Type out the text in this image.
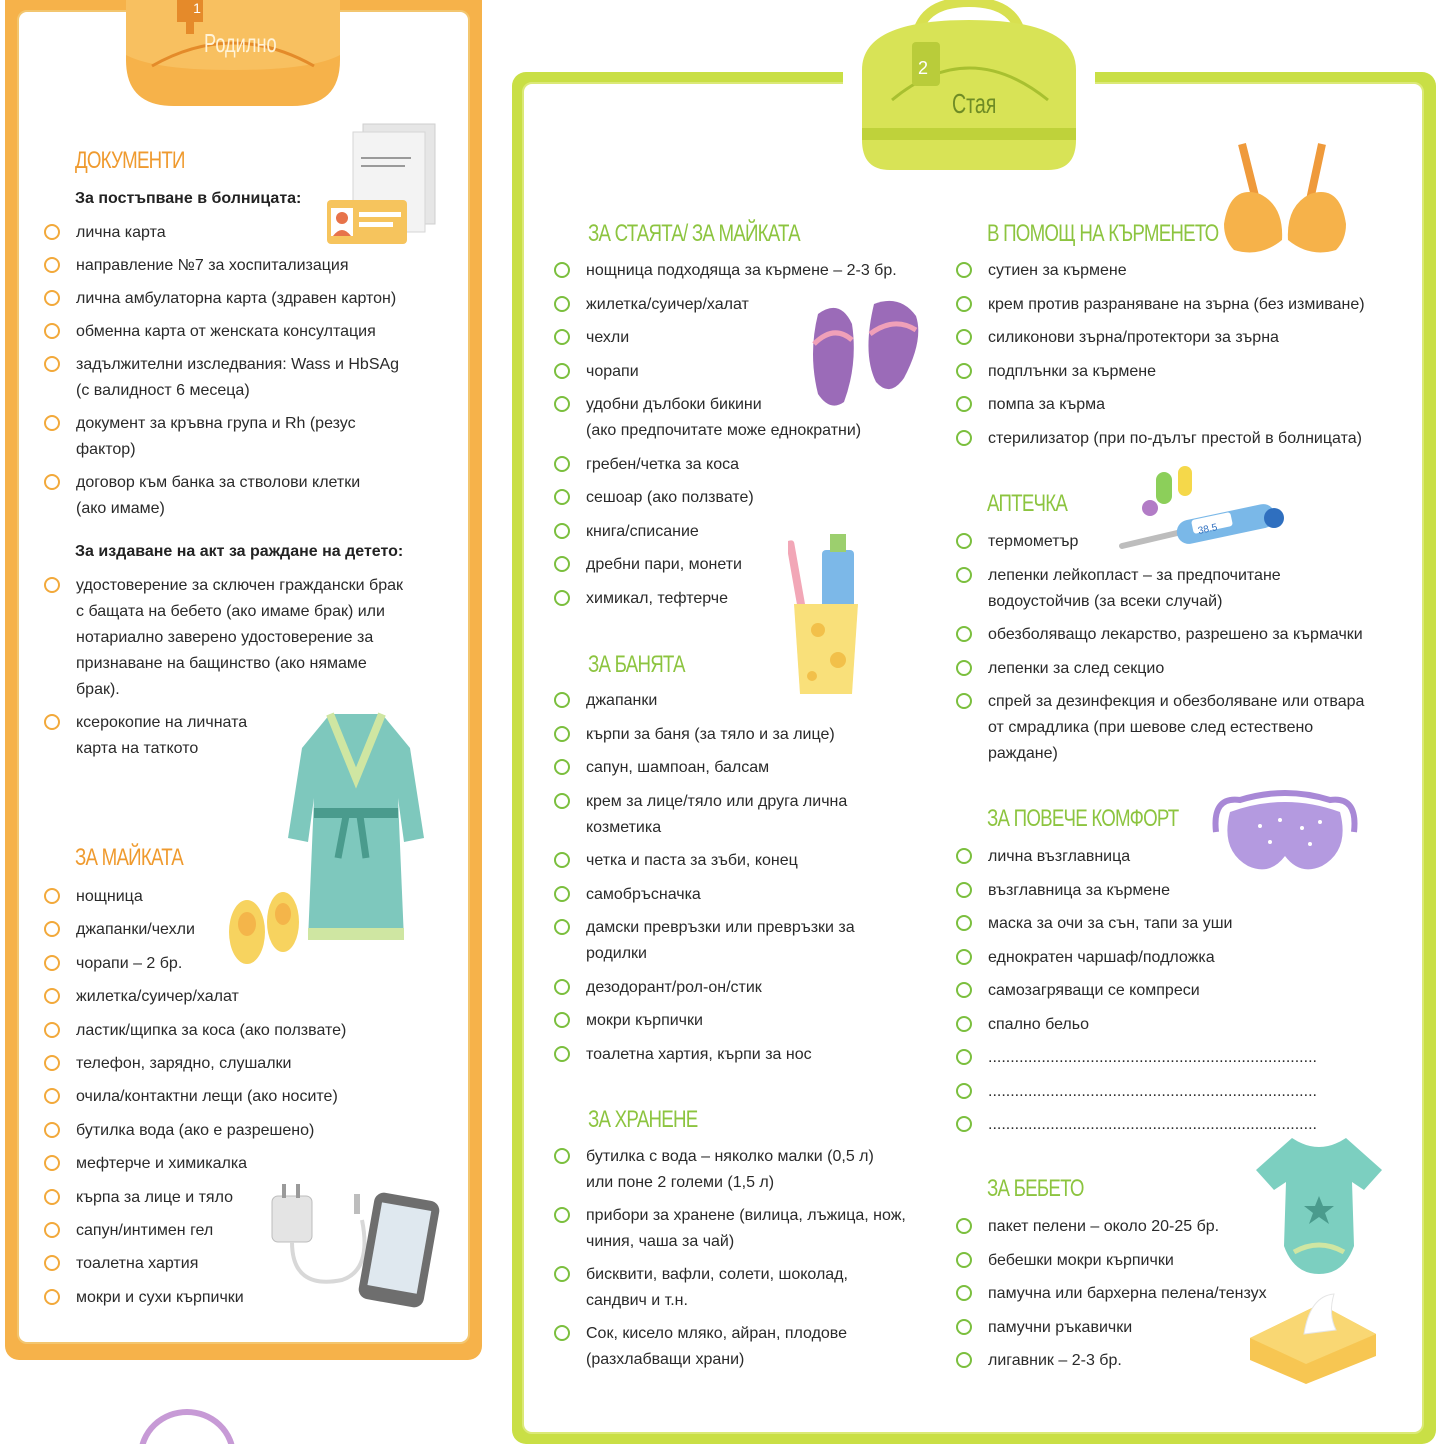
1
Родилно
ДОКУМЕНТИ
За постъпване в болницата:
лична карта
направление №7 за хоспитализация
лична амбулаторна карта (здравен картон)
обменна карта от женската консултация
задължителни изследвания: Wass и HbSAg
(с валидност 6 месеца)
документ за кръвна група и Rh (резус
фактор)
договор към банка за стволови клетки
(ако имаме)
За издаване на акт за раждане на детето:
удостоверение за сключен граждански брак
с бащата на бебето (ако имаме брак) или
нотариално заверено удостоверение за
признаване на бащинство (ако нямаме
брак).
ксерокопие на личната
карта на таткото
ЗА МАЙКАТА
нощница
джапанки/чехли
чорапи – 2 бр.
жилетка/суичер/халат
ластик/щипка за коса (ако ползвате)
телефон, зарядно, слушалки
очила/контактни лещи (ако носите)
бутилка вода (ако е разрешено)
мефтерче и химикалка
кърпа за лице и тяло
сапун/интимен гел
тоалетна хартия
мокри и сухи кърпички
2
Стая
ЗА СТАЯТА/ ЗА МАЙКАТА
нощница подходяща за кърмене – 2-3 бр.
жилетка/суичер/халат
чехли
чорапи
удобни дълбоки бикини
(ако предпочитате може еднократни)
гребен/четка за коса
сешоар (ако ползвате)
книга/списание
дребни пари, монети
химикал, тефтерче
ЗА БАНЯТА
джапанки
кърпи за баня (за тяло и за лице)
сапун, шампоан, балсам
крем за лице/тяло или друга лична
козметика
четка и паста за зъби, конец
самобръсначка
дамски превръзки или превръзки за
родилки
дезодорант/рол-он/стик
мокри кърпички
тоалетна хартия, кърпи за нос
ЗА ХРАНЕНЕ
бутилка с вода – няколко малки (0,5 л)
или поне 2 големи (1,5 л)
прибори за хранене (вилица, лъжица, нож,
чиния, чаша за чай)
бисквити, вафли, солети, шоколад,
сандвич и т.н.
Сок, кисело мляко, айран, плодове
(разхлабващи храни)
В ПОМОЩ НА КЪРМЕНЕТО
сутиен за кърмене
крем против разраняване на зърна (без измиване)
силиконови зърна/протектори за зърна
подплънки за кърмене
помпа за кърма
стерилизатор (при по-дълъг престой в болницата)
38.5
АПТЕЧКА
термометър
лепенки лейкопласт – за предпочитане
водоустойчив (за всеки случай)
обезболяващо лекарство, разрешено за кърмачки
лепенки за след секцио
спрей за дезинфекция и обезболяване или отвара
от смрадлика (при шевове след естествено
раждане)
ЗА ПОВЕЧЕ КОМФОРТ
лична възглавница
възглавница за кърмене
маска за очи за сън, тапи за уши
еднократен чаршаф/подложка
самозагряващи се компреси
спално бельо
..........................................................................
..........................................................................
..........................................................................
ЗА БЕБЕТО
пакет пелени – около 20-25 бр.
бебешки мокри кърпички
памучна или бархерна пелена/тензух
памучни ръкавички
лигавник – 2-3 бр.
